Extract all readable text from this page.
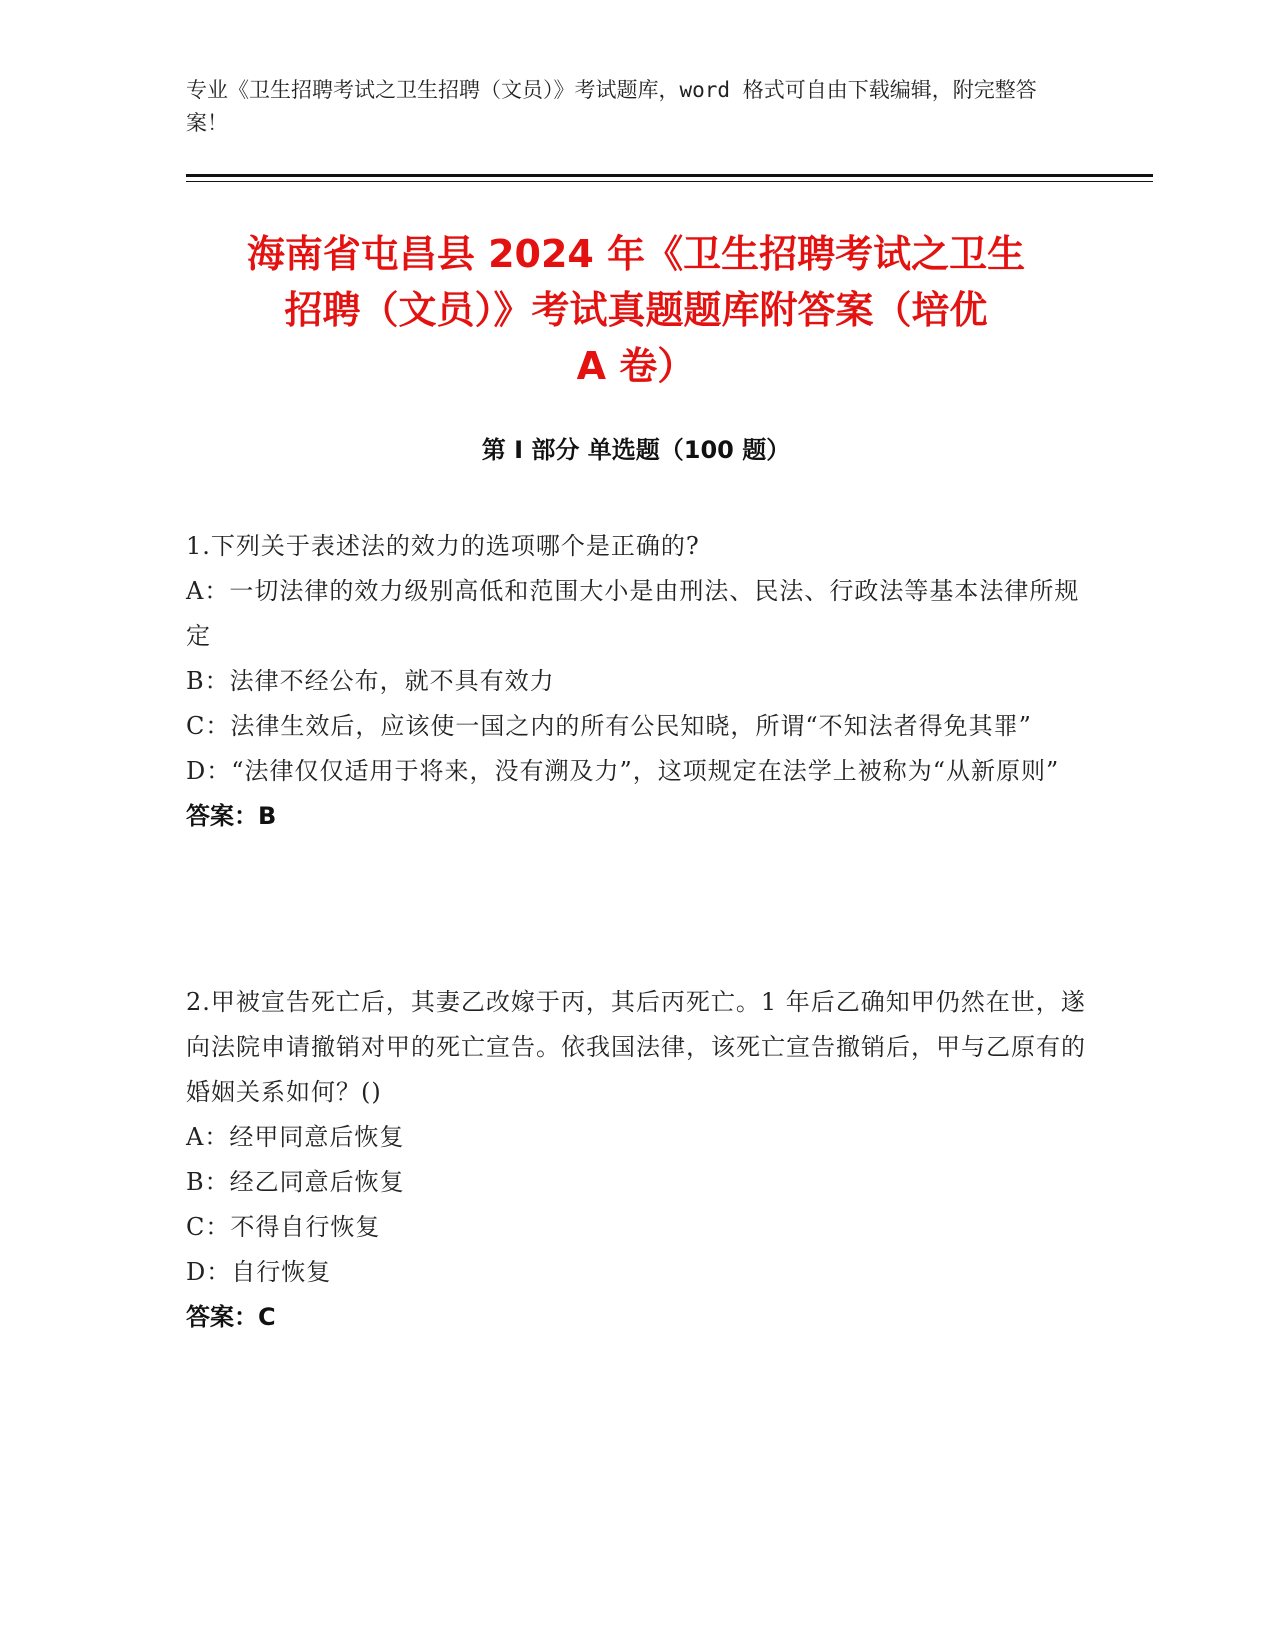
专业《卫生招聘考试之卫生招聘（文员）》考试题库，word 格式可自由下载编辑，附完整答案！
海南省屯昌县 2024 年《卫生招聘考试之卫生
招聘（文员）》考试真题题库附答案（培优
A 卷）
第 I 部分 单选题（100 题）
1.下列关于表述法的效力的选项哪个是正确的?
A：一切法律的效力级别高低和范围大小是由刑法、民法、行政法等基本法律所规定
B：法律不经公布，就不具有效力
C：法律生效后，应该使一国之内的所有公民知晓，所谓“不知法者得免其罪”
D：“法律仅仅适用于将来，没有溯及力”，这项规定在法学上被称为“从新原则”
答案：B
2.甲被宣告死亡后，其妻乙改嫁于丙，其后丙死亡。1 年后乙确知甲仍然在世，遂向法院申请撤销对甲的死亡宣告。依我国法律，该死亡宣告撤销后，甲与乙原有的婚姻关系如何？()
A：经甲同意后恢复
B：经乙同意后恢复
C：不得自行恢复
D：自行恢复
答案：C
